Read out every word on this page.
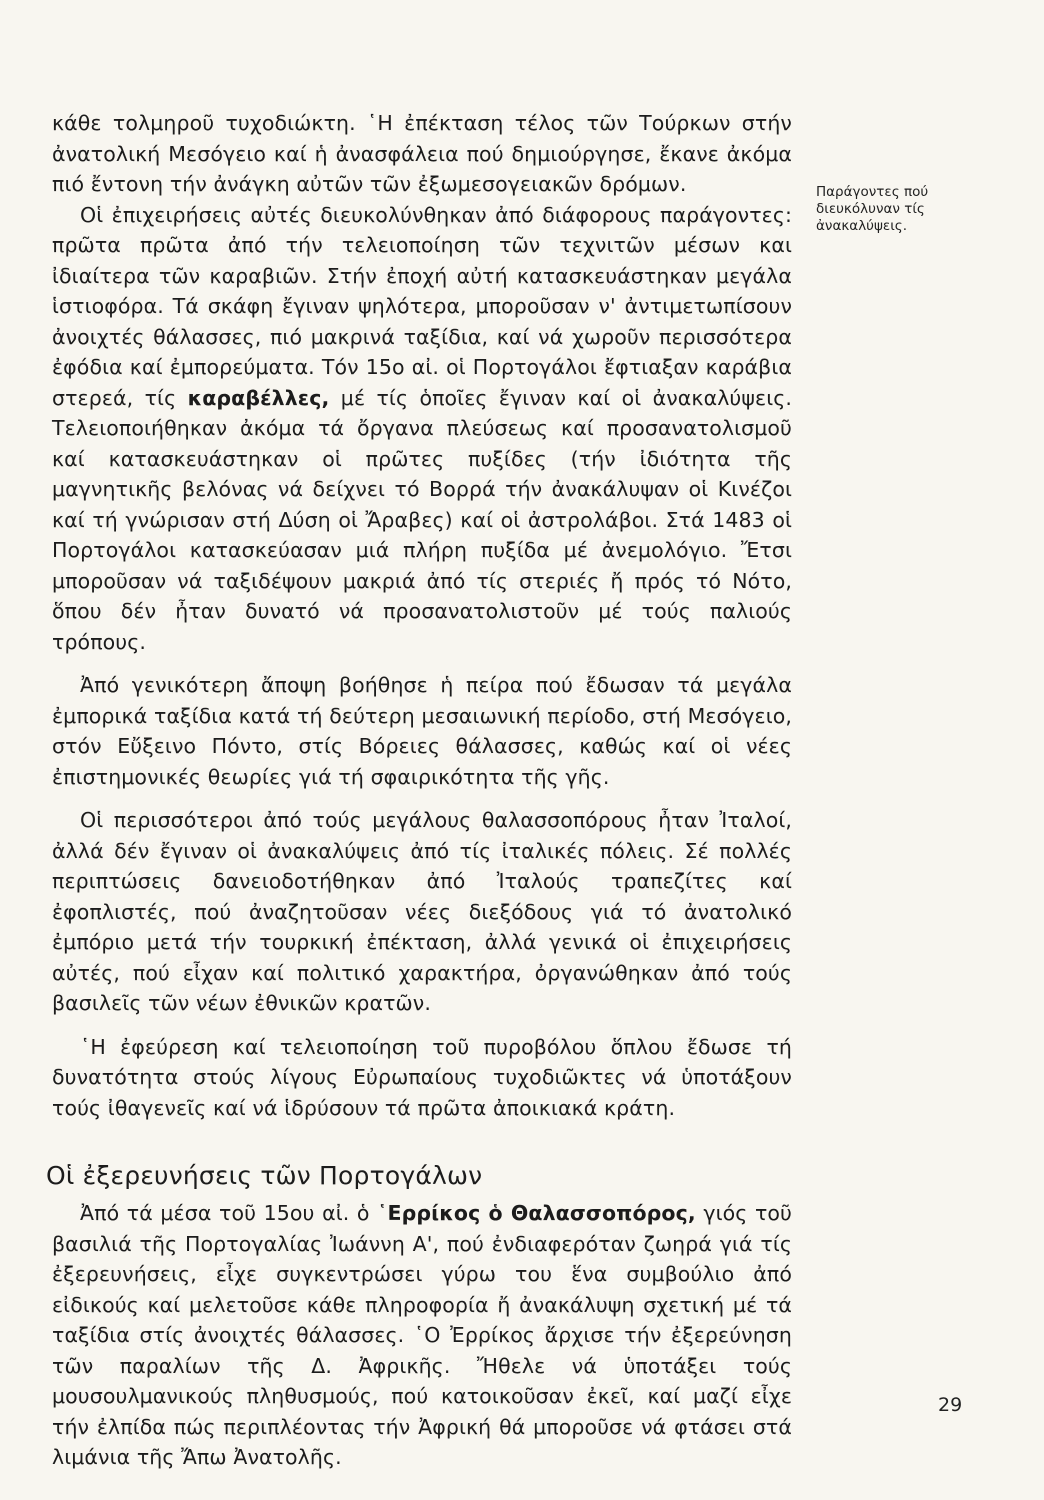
κάθε τολμηροῦ τυχοδιώκτη. ῾Η ἐπέκταση τέλος τῶν Τούρκων στήν ἀνατολική Μεσόγειο καί ἡ ἀνασφάλεια πού δημιούργησε, ἔκανε ἀκόμα πιό ἔντονη τήν ἀνάγκη αὐτῶν τῶν ἐξωμεσογειακῶν δρόμων.

Οἱ ἐπιχειρήσεις αὐτές διευκολύνθηκαν ἀπό διάφορους παράγοντες: πρῶτα πρῶτα ἀπό τήν τελειοποίηση τῶν τεχνιτῶν μέσων και ἰδιαίτερα τῶν καραβιῶν. Στήν ἐποχή αὐτή κατασκευάστηκαν μεγάλα ἱστιοφόρα. Τά σκάφη ἔγιναν ψηλότερα, μποροῦσαν ν' ἀντιμετωπίσουν ἀνοιχτές θάλασσες, πιό μακρινά ταξίδια, καί νά χωροῦν περισσότερα ἐφόδια καί ἐμπορεύματα. Τόν 15ο αἰ. οἱ Πορτογάλοι ἔφτιαξαν καράβια στερεά, τίς καραβέλλες, μέ τίς ὁποῖες ἔγιναν καί οἱ ἀνακαλύψεις. Τελειοποιήθηκαν ἀκόμα τά ὄργανα πλεύσεως καί προσανατολισμοῦ καί κατασκευάστηκαν οἱ πρῶτες πυξίδες (τήν ἰδιότητα τῆς μαγνητικῆς βελόνας νά δείχνει τό Βορρά τήν ἀνακάλυψαν οἱ Κινέζοι καί τή γνώρισαν στή Δύση οἱ Ἄραβες) καί οἱ ἀστρολάβοι. Στά 1483 οἱ Πορτογάλοι κατασκεύασαν μιά πλήρη πυξίδα μέ ἀνεμολόγιο. Ἔτσι μποροῦσαν νά ταξιδέψουν μακριά ἀπό τίς στεριές ἤ πρός τό Νότο, ὅπου δέν ἦταν δυνατό νά προσανατολιστοῦν μέ τούς παλιούς τρόπους.

Ἀπό γενικότερη ἄποψη βοήθησε ἡ πείρα πού ἔδωσαν τά μεγάλα ἐμπορικά ταξίδια κατά τή δεύτερη μεσαιωνική περίοδο, στή Μεσόγειο, στόν Εὔξεινο Πόντο, στίς Βόρειες θάλασσες, καθώς καί οἱ νέες ἐπιστημονικές θεωρίες γιά τή σφαιρικότητα τῆς γῆς.

Οἱ περισσότεροι ἀπό τούς μεγάλους θαλασσοπόρους ἦταν Ἰταλοί, ἀλλά δέν ἔγιναν οἱ ἀνακαλύψεις ἀπό τίς ἰταλικές πόλεις. Σέ πολλές περιπτώσεις δανειοδοτήθηκαν ἀπό Ἰταλούς τραπεζίτες καί ἐφοπλιστές, πού ἀναζητοῦσαν νέες διεξόδους γιά τό ἀνατολικό ἐμπόριο μετά τήν τουρκική ἐπέκταση, ἀλλά γενικά οἱ ἐπιχειρήσεις αὐτές, πού εἶχαν καί πολιτικό χαρακτήρα, ὀργανώθηκαν ἀπό τούς βασιλεῖς τῶν νέων ἐθνικῶν κρατῶν.

῾Η ἐφεύρεση καί τελειοποίηση τοῦ πυροβόλου ὅπλου ἔδωσε τή δυνατότητα στούς λίγους Εὐρωπαίους τυχοδιῶκτες νά ὑποτάξουν τούς ἰθαγενεῖς καί νά ἱδρύσουν τά πρῶτα ἀποικιακά κράτη.

Οἱ ἐξερευνήσεις τῶν Πορτογάλων

Ἀπό τά μέσα τοῦ 15ου αἰ. ὁ ῾Ερρίκος ὁ Θαλασσοπόρος, γιός τοῦ βασιλιά τῆς Πορτογαλίας Ἰωάννη Α', πού ἐνδιαφερόταν ζωηρά γιά τίς ἐξερευνήσεις, εἶχε συγκεντρώσει γύρω του ἕνα συμβούλιο ἀπό εἰδικούς καί μελετοῦσε κάθε πληροφορία ἤ ἀνακάλυψη σχετική μέ τά ταξίδια στίς ἀνοιχτές θάλασσες. ῾Ο Ἐρρίκος ἄρχισε τήν ἐξερεύνηση τῶν παραλίων τῆς Δ. Ἀφρικῆς. Ἤθελε νά ὑποτάξει τούς μουσουλμανικούς πληθυσμούς, πού κατοικοῦσαν ἐκεῖ, καί μαζί εἶχε τήν ἐλπίδα πώς περιπλέοντας τήν Ἀφρική θά μποροῦσε νά φτάσει στά λιμάνια τῆς Ἄπω Ἀνατολῆς.

Παράγοντες πού διευκόλυναν τίς ἀνακαλύψεις.
29
